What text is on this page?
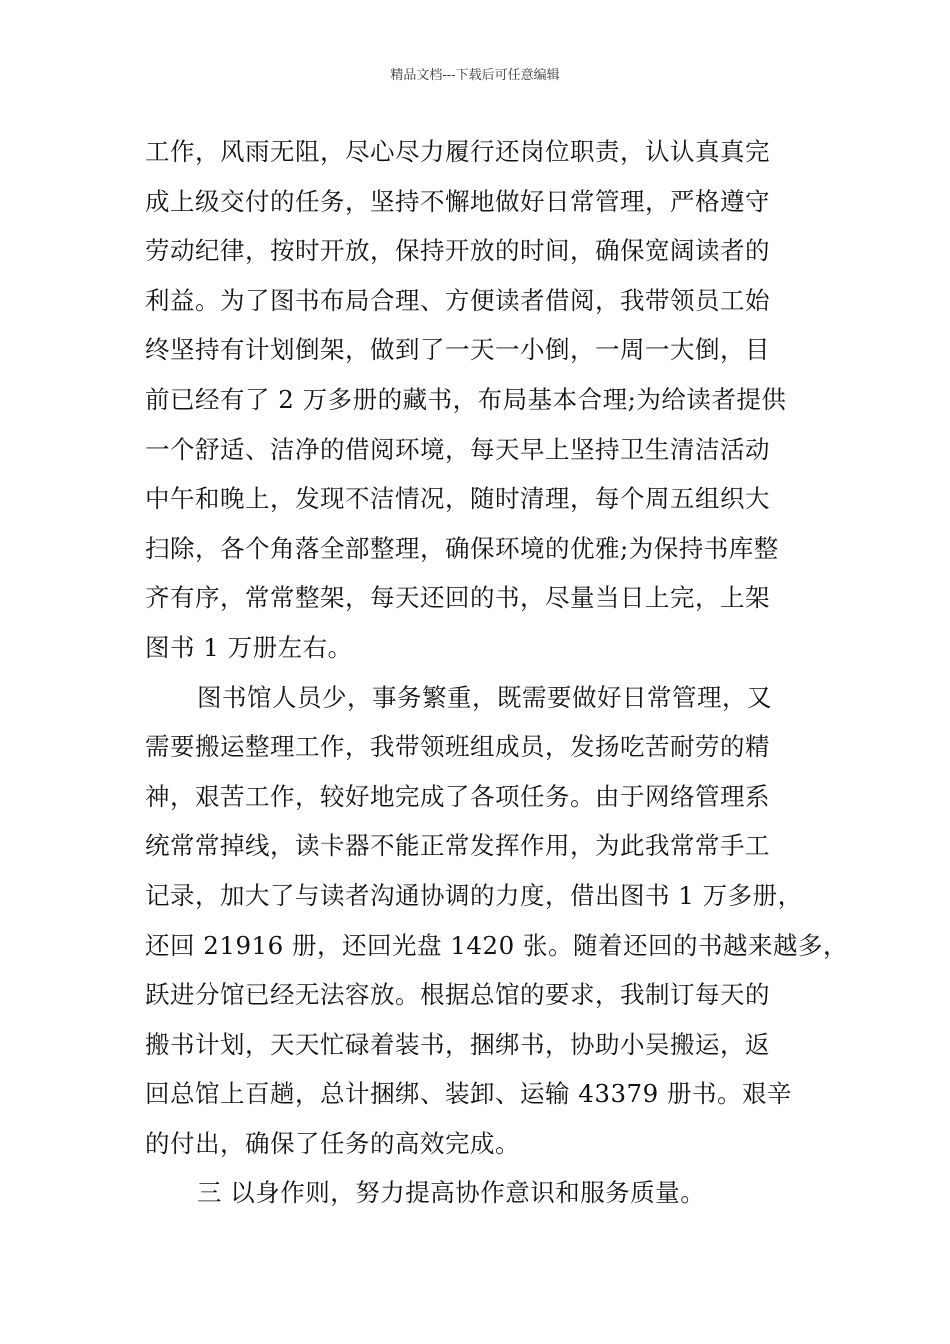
精品文档---下载后可任意编辑
工作，风雨无阻，尽心尽力履行还岗位职责，认认真真完
成上级交付的任务，坚持不懈地做好日常管理，严格遵守
劳动纪律，按时开放，保持开放的时间，确保宽阔读者的
利益。为了图书布局合理、方便读者借阅，我带领员工始
终坚持有计划倒架，做到了一天一小倒，一周一大倒，目
前已经有了 2 万多册的藏书，布局基本合理;为给读者提供
一个舒适、洁净的借阅环境，每天早上坚持卫生清洁活动
中午和晚上，发现不洁情况，随时清理，每个周五组织大
扫除，各个角落全部整理，确保环境的优雅;为保持书库整
齐有序，常常整架，每天还回的书，尽量当日上完，上架
图书 1 万册左右。
图书馆人员少，事务繁重，既需要做好日常管理，又
需要搬运整理工作，我带领班组成员，发扬吃苦耐劳的精
神，艰苦工作，较好地完成了各项任务。由于网络管理系
统常常掉线，读卡器不能正常发挥作用，为此我常常手工
记录，加大了与读者沟通协调的力度，借出图书 1 万多册，
还回 21916 册，还回光盘 1420 张。随着还回的书越来越多，
跃进分馆已经无法容放。根据总馆的要求，我制订每天的
搬书计划，天天忙碌着装书，捆绑书，协助小吴搬运，返
回总馆上百趟，总计捆绑、装卸、运输 43379 册书。艰辛
的付出，确保了任务的高效完成。
三 以身作则，努力提高协作意识和服务质量。
